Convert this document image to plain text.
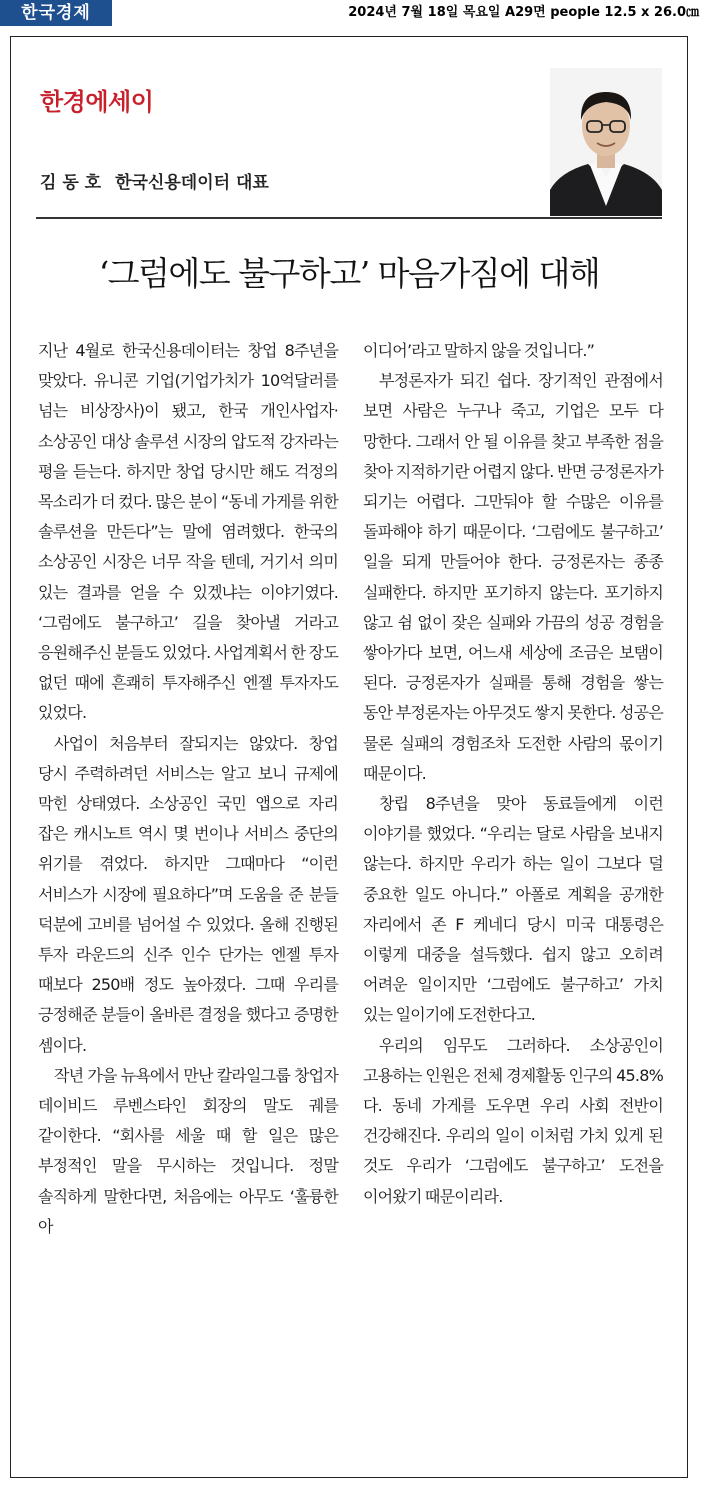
한국경제	2024년 7월 18일 목요일 A29면 people 12.5 x 26.0㎝
한경에세이
김 동 호 한국신용데이터 대표
‘그럼에도 불구하고’ 마음가짐에 대해

지난 4월로 한국신용데이터는 창업 8주년을 맞았다. 유니콘 기업(기업가치가 10억달러를 넘는 비상장사)이 됐고, 한국 개인사업자·소상공인 대상 솔루션 시장의 압도적 강자라는 평을 듣는다. 하지만 창업 당시만 해도 걱정의 목소리가 더 컸다. 많은 분이 “동네 가게를 위한 솔루션을 만든다”는 말에 염려했다. 한국의 소상공인 시장은 너무 작을 텐데, 거기서 의미 있는 결과를 얻을 수 있겠냐는 이야기였다. ‘그럼에도 불구하고’ 길을 찾아낼 거라고 응원해주신 분들도 있었다. 사업계획서 한 장도 없던 때에 흔쾌히 투자해주신 엔젤 투자자도 있었다.

사업이 처음부터 잘되지는 않았다. 창업 당시 주력하려던 서비스는 알고 보니 규제에 막힌 상태였다. 소상공인 국민 앱으로 자리 잡은 캐시노트 역시 몇 번이나 서비스 중단의 위기를 겪었다. 하지만 그때마다 “이런 서비스가 시장에 필요하다”며 도움을 준 분들 덕분에 고비를 넘어설 수 있었다. 올해 진행된 투자 라운드의 신주 인수 단가는 엔젤 투자 때보다 250배 정도 높아졌다. 그때 우리를 긍정해준 분들이 올바른 결정을 했다고 증명한 셈이다.

작년 가을 뉴욕에서 만난 칼라일그룹 창업자 데이비드 루벤스타인 회장의 말도 궤를 같이한다. “회사를 세울 때 할 일은 많은 부정적인 말을 무시하는 것입니다. 정말 솔직하게 말한다면, 처음에는 아무도 ‘훌륭한 아

이디어’라고 말하지 않을 것입니다.”

부정론자가 되긴 쉽다. 장기적인 관점에서 보면 사람은 누구나 죽고, 기업은 모두 다 망한다. 그래서 안 될 이유를 찾고 부족한 점을 찾아 지적하기란 어렵지 않다. 반면 긍정론자가 되기는 어렵다. 그만둬야 할 수많은 이유를 돌파해야 하기 때문이다. ‘그럼에도 불구하고’ 일을 되게 만들어야 한다. 긍정론자는 종종 실패한다. 하지만 포기하지 않는다. 포기하지 않고 쉼 없이 잦은 실패와 가끔의 성공 경험을 쌓아가다 보면, 어느새 세상에 조금은 보탬이 된다. 긍정론자가 실패를 통해 경험을 쌓는 동안 부정론자는 아무것도 쌓지 못한다. 성공은 물론 실패의 경험조차 도전한 사람의 몫이기 때문이다.

창립 8주년을 맞아 동료들에게 이런 이야기를 했었다. “우리는 달로 사람을 보내지 않는다. 하지만 우리가 하는 일이 그보다 덜 중요한 일도 아니다.” 아폴로 계획을 공개한 자리에서 존 F 케네디 당시 미국 대통령은 이렇게 대중을 설득했다. 쉽지 않고 오히려 어려운 일이지만 ‘그럼에도 불구하고’ 가치 있는 일이기에 도전한다고.

우리의 임무도 그러하다. 소상공인이 고용하는 인원은 전체 경제활동 인구의 45.8%다. 동네 가게를 도우면 우리 사회 전반이 건강해진다. 우리의 일이 이처럼 가치 있게 된 것도 우리가 ‘그럼에도 불구하고’ 도전을 이어왔기 때문이리라.
